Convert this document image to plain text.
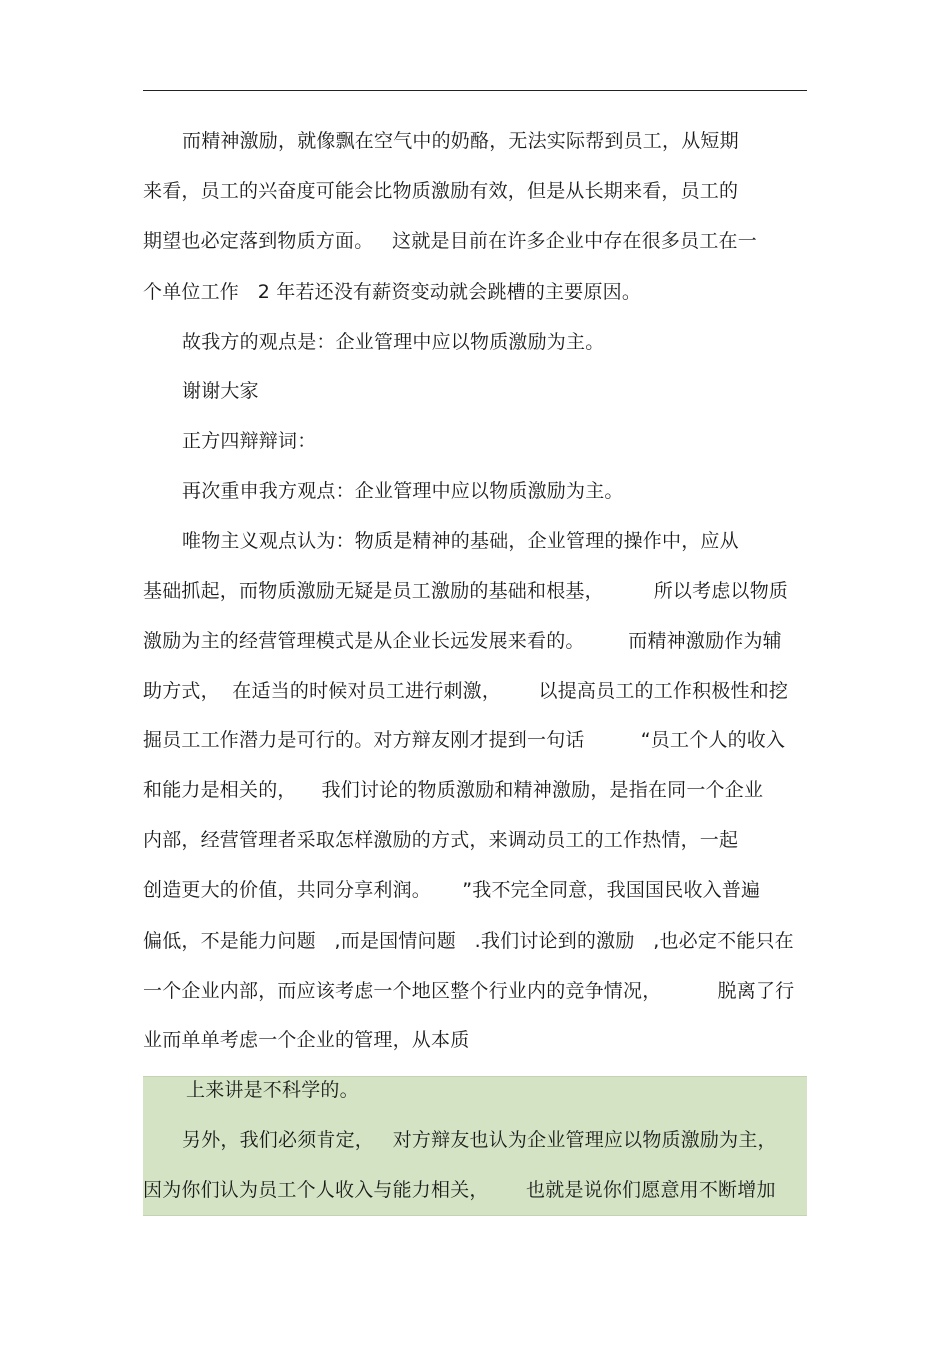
而精神激励，就像飘在空气中的奶酪，无法实际帮到员工，从短期
来看，员工的兴奋度可能会比物质激励有效，但是从长期来看，员工的
期望也必定落到物质方面。   这就是目前在许多企业中存在很多员工在一
个单位工作   2 年若还没有薪资变动就会跳槽的主要原因。
故我方的观点是：企业管理中应以物质激励为主。
谢谢大家
正方四辩辩词：
再次重申我方观点：企业管理中应以物质激励为主。
唯物主义观点认为：物质是精神的基础，企业管理的操作中，应从
基础抓起，而物质激励无疑是员工激励的基础和根基，        所以考虑以物质
激励为主的经营管理模式是从企业长远发展来看的。       而精神激励作为辅
助方式，  在适当的时候对员工进行刺激，      以提高员工的工作积极性和挖
掘员工工作潜力是可行的。对方辩友刚才提到一句话         “员工个人的收入
和能力是相关的，    我们讨论的物质激励和精神激励，是指在同一个企业
内部，经营管理者采取怎样激励的方式，来调动员工的工作热情，一起
创造更大的价值，共同分享利润。     ”我不完全同意，我国国民收入普遍
偏低，不是能力问题   ,而是国情问题   .我们讨论到的激励   ,也必定不能只在
一个企业内部，而应该考虑一个地区整个行业内的竞争情况，         脱离了行
业而单单考虑一个企业的管理，从本质
上来讲是不科学的。
另外，我们必须肯定，   对方辩友也认为企业管理应以物质激励为主，
因为你们认为员工个人收入与能力相关，      也就是说你们愿意用不断增加
